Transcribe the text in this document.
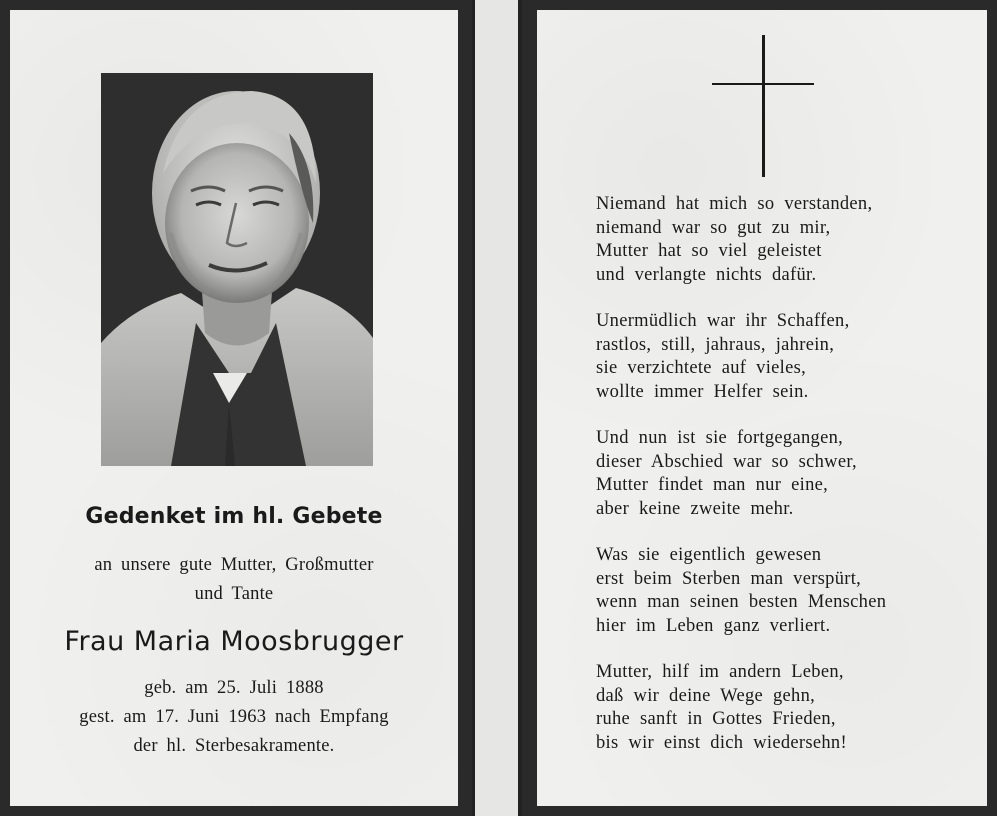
Gedenket im hl. Gebete
an unsere gute Mutter, Großmutter
und Tante
Frau Maria Moosbrugger
geb. am 25. Juli 1888
gest. am 17. Juni 1963 nach Empfang
der hl. Sterbesakramente.
Niemand hat mich so verstanden,
niemand war so gut zu mir,
Mutter hat so viel geleistet
und verlangte nichts dafür.
Unermüdlich war ihr Schaffen,
rastlos, still, jahraus, jahrein,
sie verzichtete auf vieles,
wollte immer Helfer sein.
Und nun ist sie fortgegangen,
dieser Abschied war so schwer,
Mutter findet man nur eine,
aber keine zweite mehr.
Was sie eigentlich gewesen
erst beim Sterben man verspürt,
wenn man seinen besten Menschen
hier im Leben ganz verliert.
Mutter, hilf im andern Leben,
daß wir deine Wege gehn,
ruhe sanft in Gottes Frieden,
bis wir einst dich wiedersehn!
